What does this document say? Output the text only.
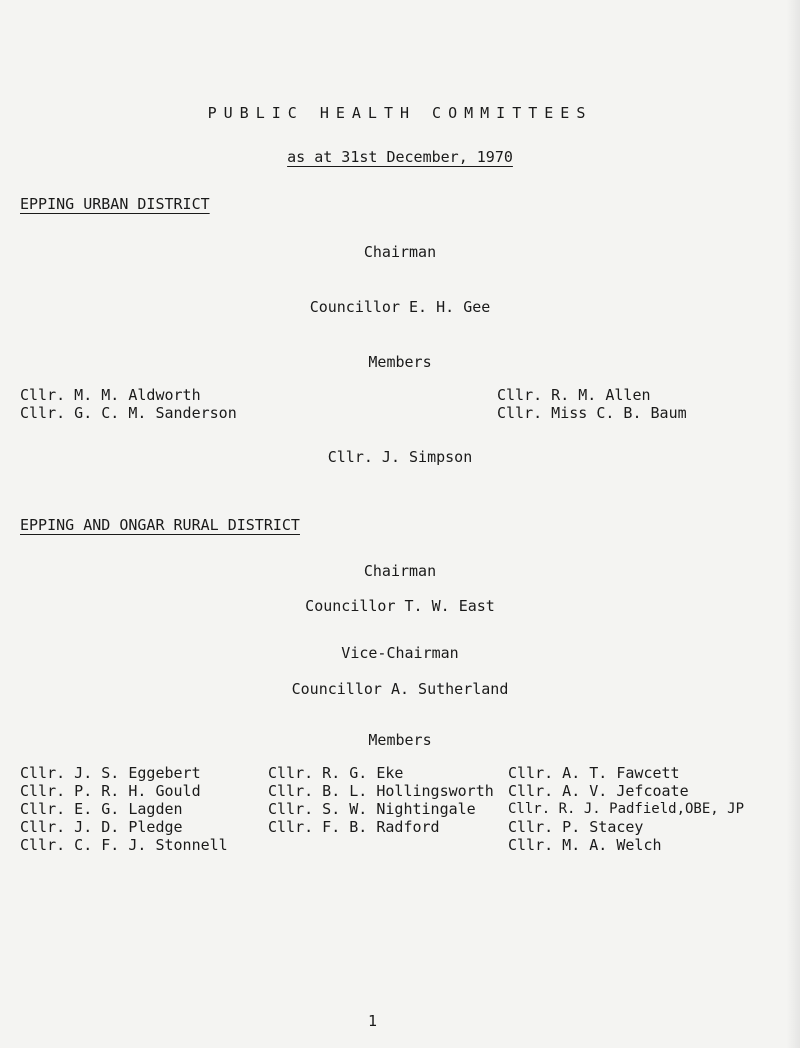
PUBLIC HEALTH COMMITTEES
as at 31st December, 1970
EPPING URBAN DISTRICT
Chairman
Councillor E. H. Gee
Members
Cllr. M. M. Aldworth
Cllr. G. C. M. Sanderson
Cllr. R. M. Allen
Cllr. Miss C. B. Baum
Cllr. J. Simpson
EPPING AND ONGAR RURAL DISTRICT
Chairman
Councillor T. W. East
Vice-Chairman
Councillor A. Sutherland
Members
Cllr. J. S. Eggebert
Cllr. P. R. H. Gould
Cllr. E. G. Lagden
Cllr. J. D. Pledge
Cllr. C. F. J. Stonnell
Cllr. R. G. Eke
Cllr. B. L. Hollingsworth
Cllr. S. W. Nightingale
Cllr. F. B. Radford
Cllr. A. T. Fawcett
Cllr. A. V. Jefcoate
Cllr. R. J. Padfield,OBE, JP
Cllr. P. Stacey
Cllr. M. A. Welch
1
